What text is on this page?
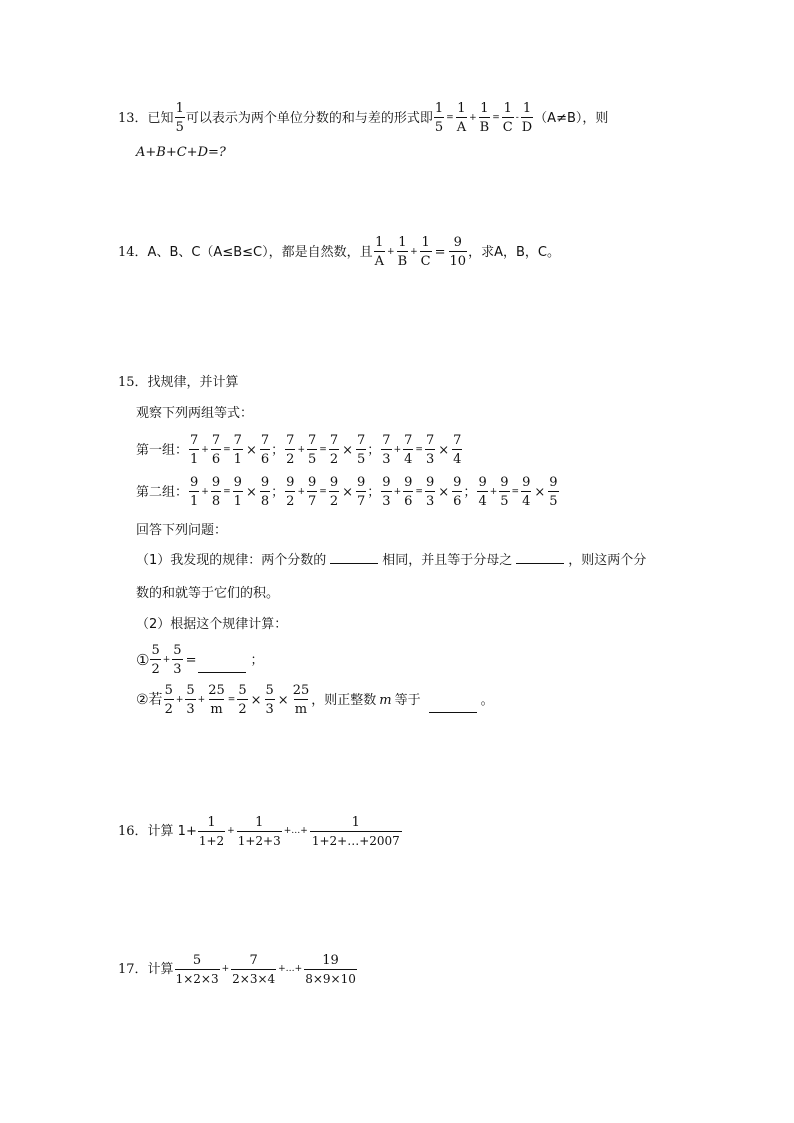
13． 已知 $\frac{1}{5}$ 可以表示为两个单位分数的和与差的形式即 $\frac{1}{5} = \frac{1}{A} + \frac{1}{B} = \frac{1}{C} - \frac{1}{D} (A\ne B)$，则
A+B+C+D=?
14． A、B、C（A≤B≤C），都是自然数，且 $\frac{1}{A} + \frac{1}{B} + \frac{1}{C} = \frac{9}{10}$ ，求A，B，C。
15． 找规律，并计算
观察下列两组等式：
第一组： $\frac{7}{1} + \frac{7}{6} = \frac{7}{1} \times \frac{7}{6}$ ； $\frac{7}{2} + \frac{7}{5} = \frac{7}{2} \times \frac{7}{5}$ ； $\frac{7}{3} + \frac{7}{4} = \frac{7}{3} \times \frac{7}{4}$
第二组： $\frac{9}{1} + \frac{9}{8} = \frac{9}{1} \times \frac{9}{8}$ ； $\frac{9}{2} + \frac{9}{7} = \frac{9}{2} \times \frac{9}{7}$ ； $\frac{9}{3} + \frac{9}{6} = \frac{9}{3} \times \frac{9}{6}$ ； $\frac{9}{4} + \frac{9}{5} = \frac{9}{4} \times \frac{9}{5}$
回答下列问题：
（1）我发现的规律：两个分数的	相同，并且等于分母之	，则这两个分
数的和就等于它们的积。
（2）根据这个规律计算：
① $\frac{5}{2} + \frac{5}{3}$ =	；
②若 $\frac{5}{2} + \frac{5}{3} + \frac{25}{m} = \frac{5}{2} \times \frac{5}{3} \times \frac{25}{m}$ ，则正整数 m 等于	。
16． 计算 $1+ \frac{1}{1+2} + \frac{1}{1+2+3}$ +…+ $\frac{1}{1+2+\dots+2007}$
17． 计算 $\frac{5}{1\times 2\times 3} + \frac{7}{2\times 3\times 4}$ +…+ $\frac{19}{8\times 9\times 10}$
